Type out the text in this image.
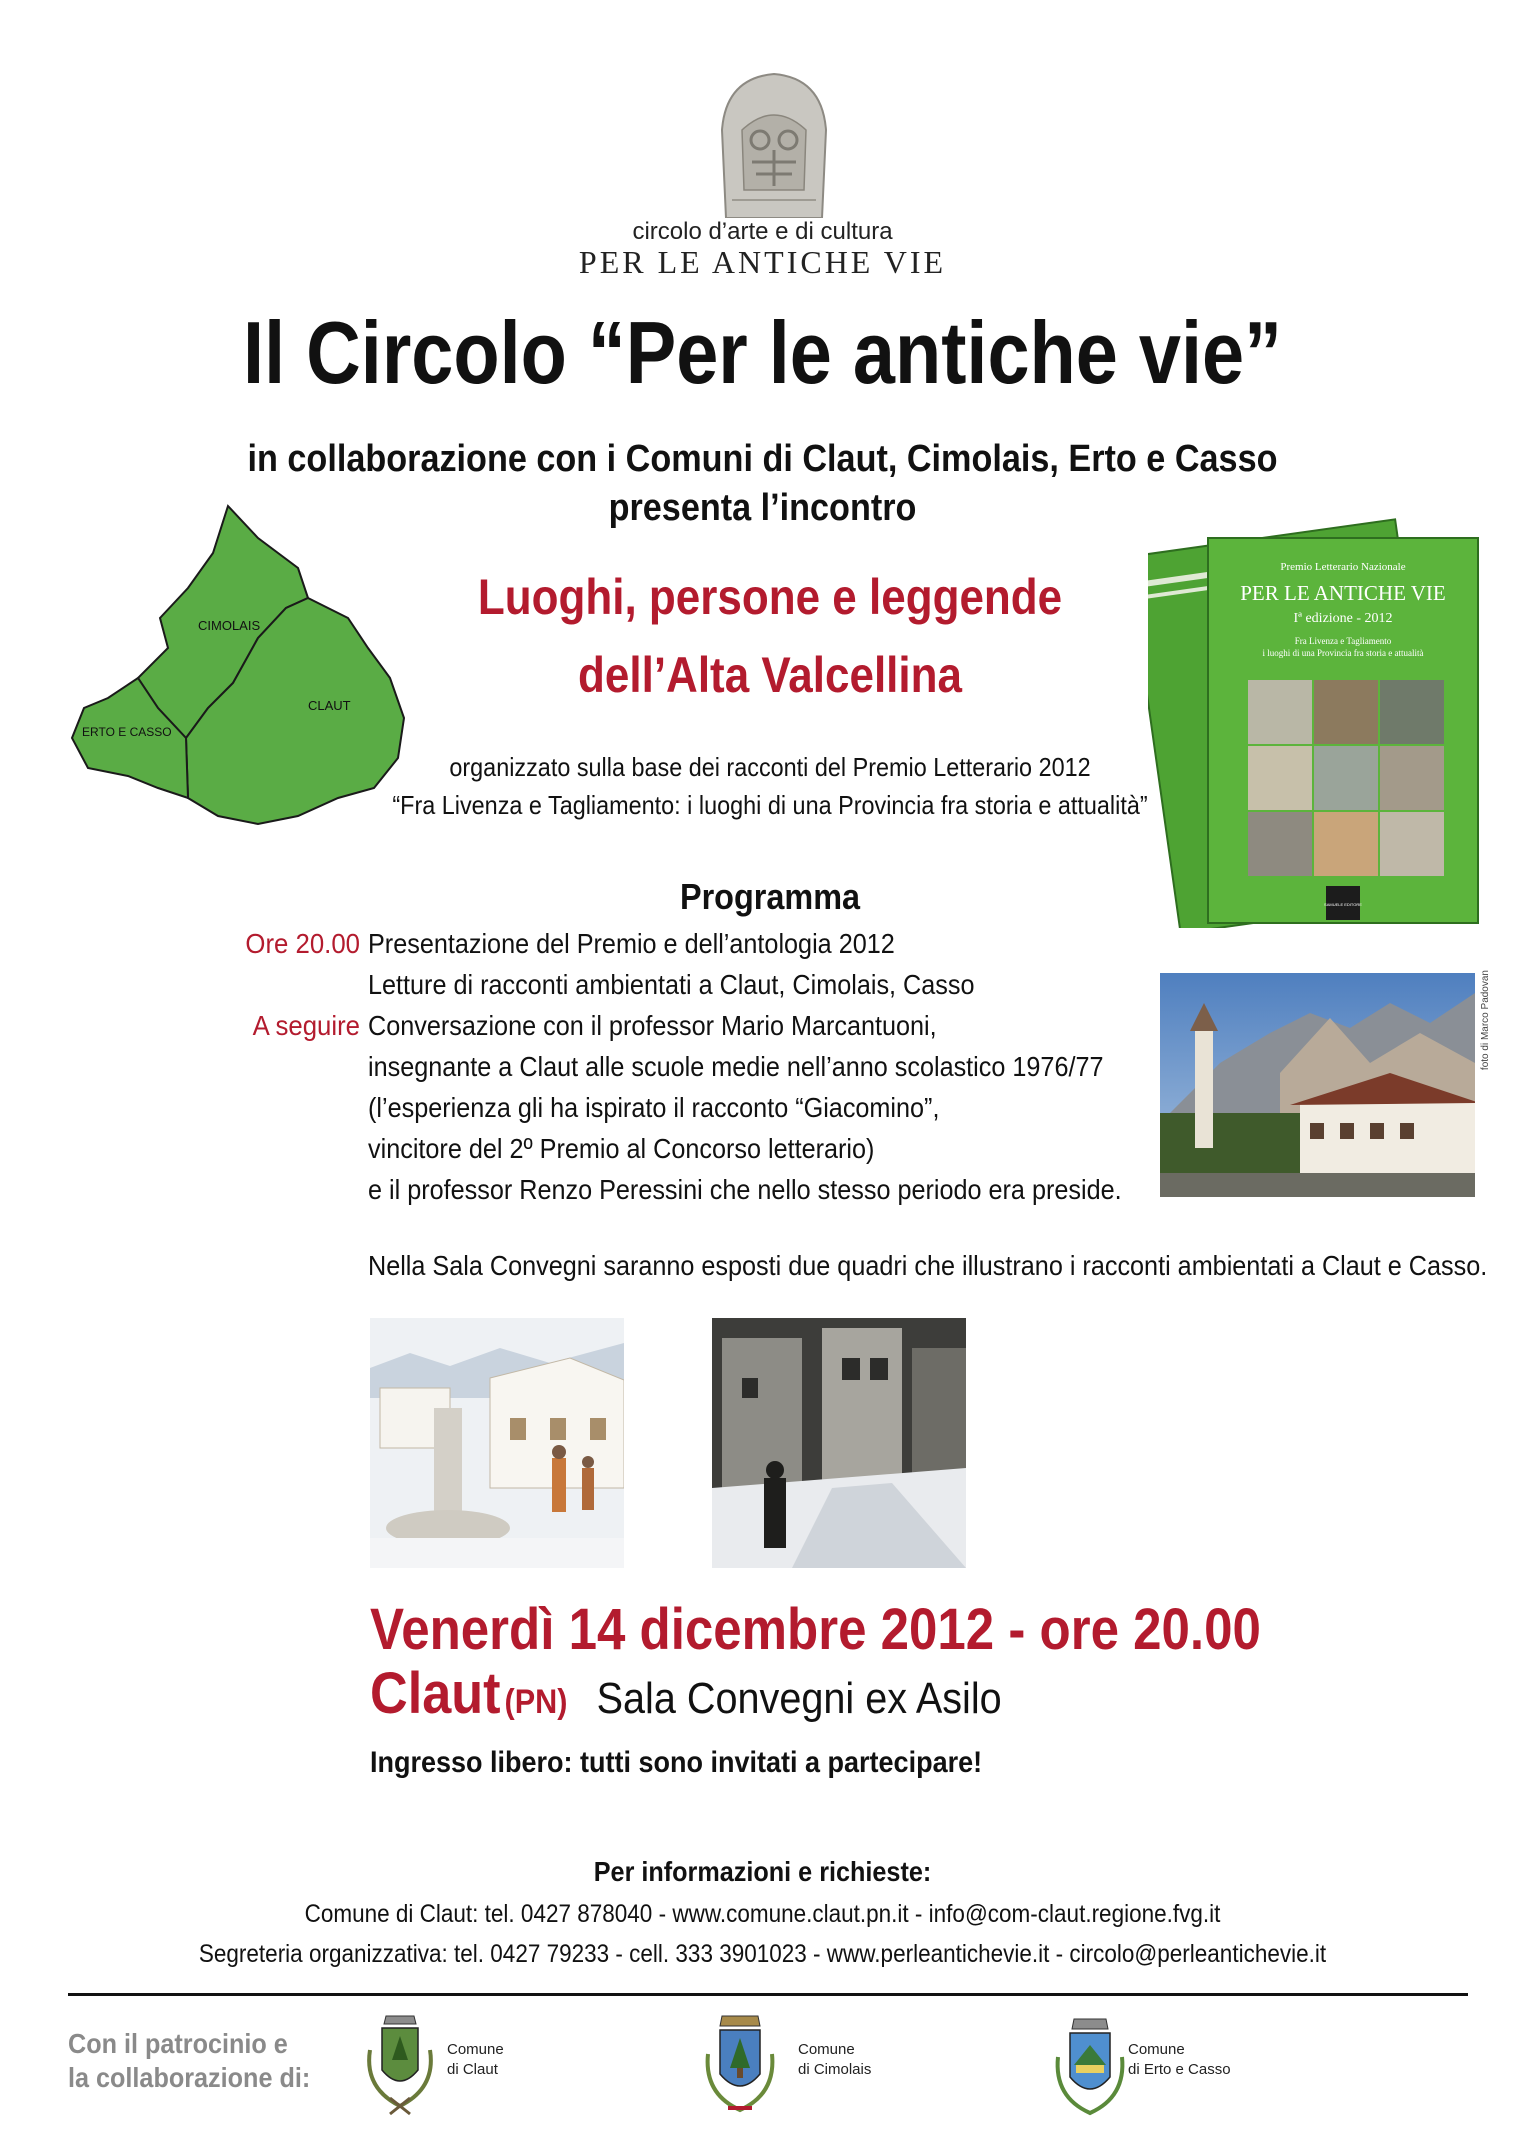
circolo d’arte e di cultura
PER LE ANTICHE VIE
Il Circolo “Per le antiche vie”
in collaborazione con i Comuni di Claut, Cimolais, Erto e Casso
presenta l’incontro
CIMOLAIS
CLAUT
ERTO E CASSO
Luoghi, persone e leggende
dell’Alta Valcellina
organizzato sulla base dei racconti del Premio Letterario 2012
“Fra Livenza e Tagliamento: i luoghi di una Provincia fra storia e attualità”
Premio Letterario Nazionale
PER LE ANTICHE VIE
Iª edizione - 2012
Fra Livenza e Tagliamento
i luoghi di una Provincia fra storia e attualità
SAMUELE EDITORE
Programma
Ore 20.00 Presentazione del Premio e dell’antologia 2012
Letture di racconti ambientati a Claut, Cimolais, Casso
A seguire Conversazione con il professor Mario Marcantuoni,
insegnante a Claut alle scuole medie nell’anno scolastico 1976/77
(l’esperienza gli ha ispirato il racconto “Giacomino”,
vincitore del 2º Premio al Concorso letterario)
e il professor Renzo Peressini che nello stesso periodo era preside.
foto di Marco Padovan
Nella Sala Convegni saranno esposti due quadri che illustrano i racconti ambientati a Claut e Casso.
Venerdì 14 dicembre 2012 - ore 20.00
Claut (PN) Sala Convegni ex Asilo
Ingresso libero: tutti sono invitati a partecipare!
Per informazioni e richieste:
Comune di Claut: tel. 0427 878040 - www.comune.claut.pn.it - info@com-claut.regione.fvg.it
Segreteria organizzativa: tel. 0427 79233 - cell. 333 3901023 - www.perleantichevie.it - circolo@perleantichevie.it
Con il patrocinio e
la collaborazione di:
Comune
di Claut
Comune
di Cimolais
Comune
di Erto e Casso
